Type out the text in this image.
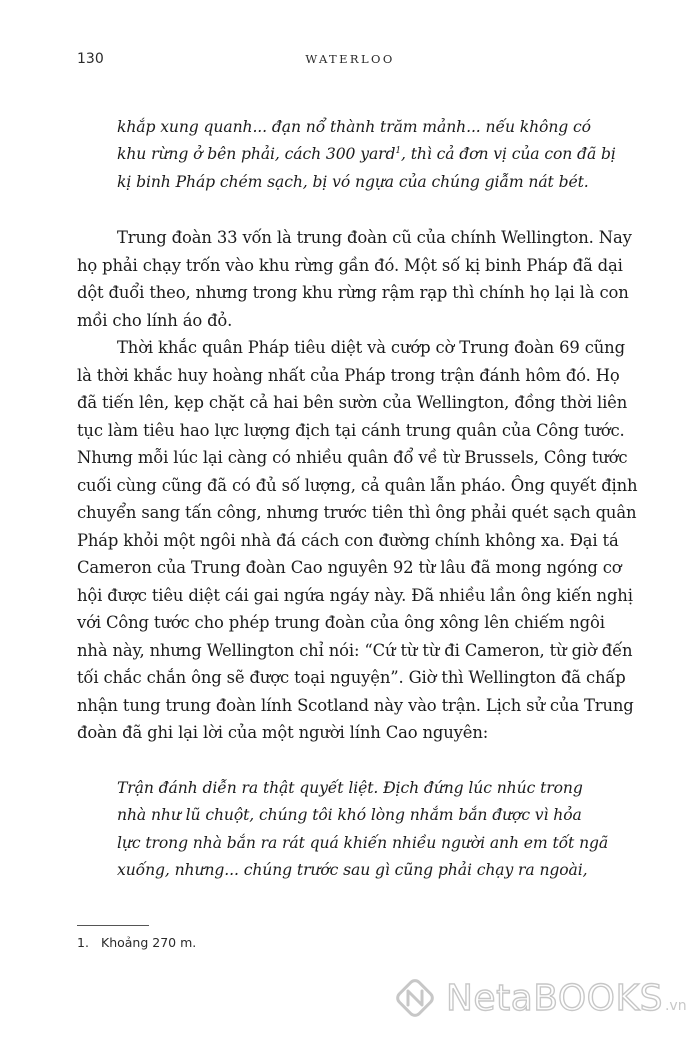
130	WATERLOO
khắp xung quanh... đạn nổ thành trăm mảnh... nếu không có
khu rừng ở bên phải, cách 300 yard$^1$, thì cả đơn vị của con đã bị
kị binh Pháp chém sạch, bị vó ngựa của chúng giẫm nát bét.
Trung đoàn 33 vốn là trung đoàn cũ của chính Wellington. Nay
họ phải chạy trốn vào khu rừng gần đó. Một số kị binh Pháp đã dại
dột đuổi theo, nhưng trong khu rừng rậm rạp thì chính họ lại là con
mồi cho lính áo đỏ.
Thời khắc quân Pháp tiêu diệt và cướp cờ Trung đoàn 69 cũng
là thời khắc huy hoàng nhất của Pháp trong trận đánh hôm đó. Họ
đã tiến lên, kẹp chặt cả hai bên sườn của Wellington, đồng thời liên
tục làm tiêu hao lực lượng địch tại cánh trung quân của Công tước.
Nhưng mỗi lúc lại càng có nhiều quân đổ về từ Brussels, Công tước
cuối cùng cũng đã có đủ số lượng, cả quân lẫn pháo. Ông quyết định
chuyển sang tấn công, nhưng trước tiên thì ông phải quét sạch quân
Pháp khỏi một ngôi nhà đá cách con đường chính không xa. Đại tá
Cameron của Trung đoàn Cao nguyên 92 từ lâu đã mong ngóng cơ
hội được tiêu diệt cái gai ngứa ngáy này. Đã nhiều lần ông kiến nghị
với Công tước cho phép trung đoàn của ông xông lên chiếm ngôi
nhà này, nhưng Wellington chỉ nói: “Cứ từ từ đi Cameron, từ giờ đến
tối chắc chắn ông sẽ được toại nguyện”. Giờ thì Wellington đã chấp
nhận tung trung đoàn lính Scotland này vào trận. Lịch sử của Trung
đoàn đã ghi lại lời của một người lính Cao nguyên:
Trận đánh diễn ra thật quyết liệt. Địch đứng lúc nhúc trong
nhà như lũ chuột, chúng tôi khó lòng nhắm bắn được vì hỏa
lực trong nhà bắn ra rát quá khiến nhiều người anh em tốt ngã
xuống, nhưng... chúng trước sau gì cũng phải chạy ra ngoài,
1. Khoảng 270 m.
NetaBOOKS .vn
